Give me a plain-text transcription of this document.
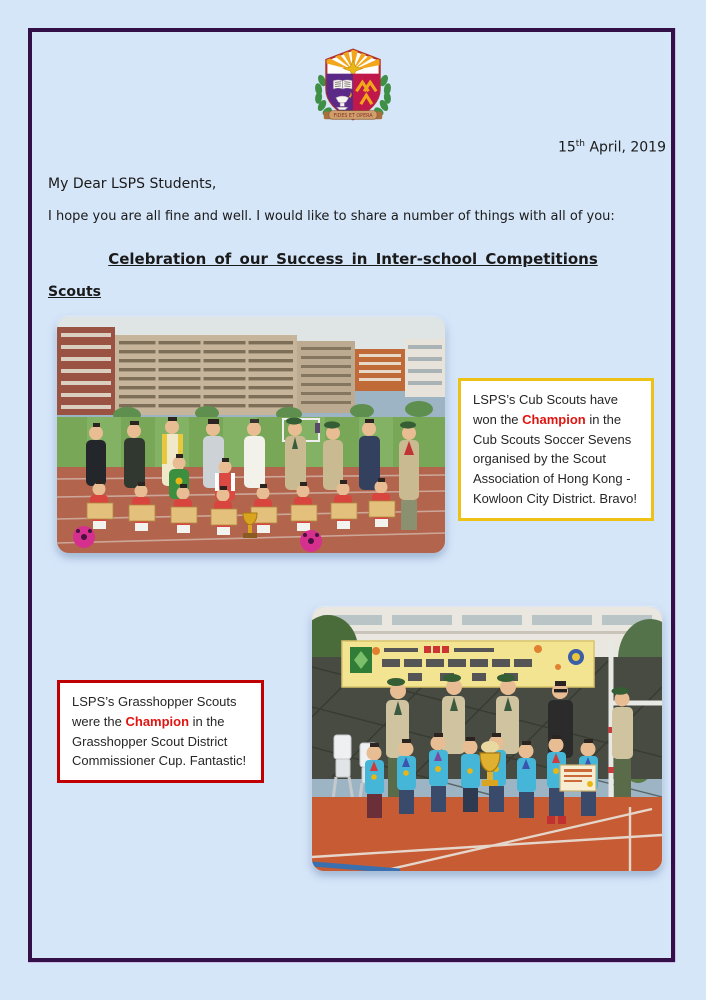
FIDES ET OPERA
15th April, 2019
My Dear LSPS Students,
I hope you are all fine and well. I would like to share a number of things with all of you:
Celebration of our Success in Inter-school Competitions
Scouts
LSPS’s Cub Scouts have won the Champion in the Cub Scouts Soccer Sevens organised by the Scout Association of Hong Kong - Kowloon City District. Bravo!
LSPS’s Grasshopper Scouts were the Champion in the Grasshopper Scout District Commissioner Cup. Fantastic!
